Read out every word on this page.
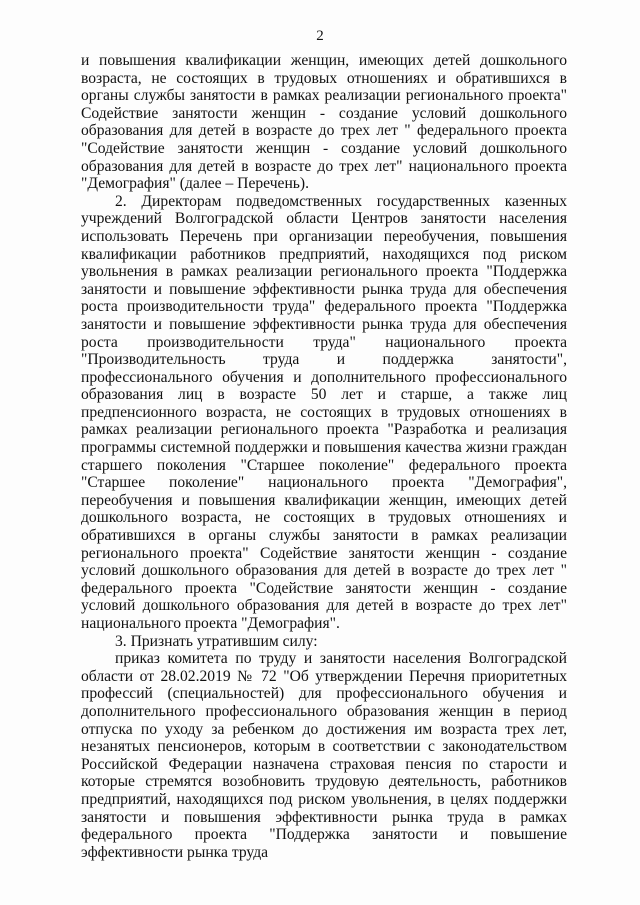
2

и повышения квалификации женщин, имеющих детей дошкольного возраста, не состоящих в трудовых отношениях и обратившихся в органы службы занятости в рамках реализации регионального проекта" Содействие занятости женщин - создание условий дошкольного образования для детей в возрасте до трех лет " федерального проекта "Содействие занятости женщин - создание условий дошкольного образования для детей в возрасте до трех лет" национального проекта "Демография" (далее – Перечень).

2. Директорам подведомственных государственных казенных учреждений Волгоградской области Центров занятости населения использовать Перечень при организации переобучения, повышения квалификации работников предприятий, находящихся под риском увольнения в рамках реализации регионального проекта "Поддержка занятости и повышение эффективности рынка труда для обеспечения роста производительности труда" федерального проекта "Поддержка занятости и повышение эффективности рынка труда для обеспечения роста производительности труда" национального проекта "Производительность труда и поддержка занятости", профессионального обучения и дополнительного профессионального образования лиц в возрасте 50 лет и старше, а также лиц предпенсионного возраста, не состоящих в трудовых отношениях в рамках реализации регионального проекта "Разработка и реализация программы системной поддержки и повышения качества жизни граждан старшего поколения "Старшее поколение" федерального проекта "Старшее поколение" национального проекта "Демография", переобучения и повышения квалификации женщин, имеющих детей дошкольного возраста, не состоящих в трудовых отношениях и обратившихся в органы службы занятости в рамках реализации регионального проекта" Содействие занятости женщин - создание условий дошкольного образования для детей в возрасте до трех лет " федерального проекта "Содействие занятости женщин - создание условий дошкольного образования для детей в возрасте до трех лет" национального проекта "Демография".

3. Признать утратившим силу:

приказ комитета по труду и занятости населения Волгоградской области от 28.02.2019 № 72 "Об утверждении Перечня приоритетных профессий (специальностей) для профессионального обучения и дополнительного профессионального образования женщин в период отпуска по уходу за ребенком до достижения им возраста трех лет, незанятых пенсионеров, которым в соответствии с законодательством Российской Федерации назначена страховая пенсия по старости и которые стремятся возобновить трудовую деятельность, работников предприятий, находящихся под риском увольнения, в целях поддержки занятости и повышения эффективности рынка труда в рамках федерального проекта "Поддержка занятости и повышение эффективности рынка труда
